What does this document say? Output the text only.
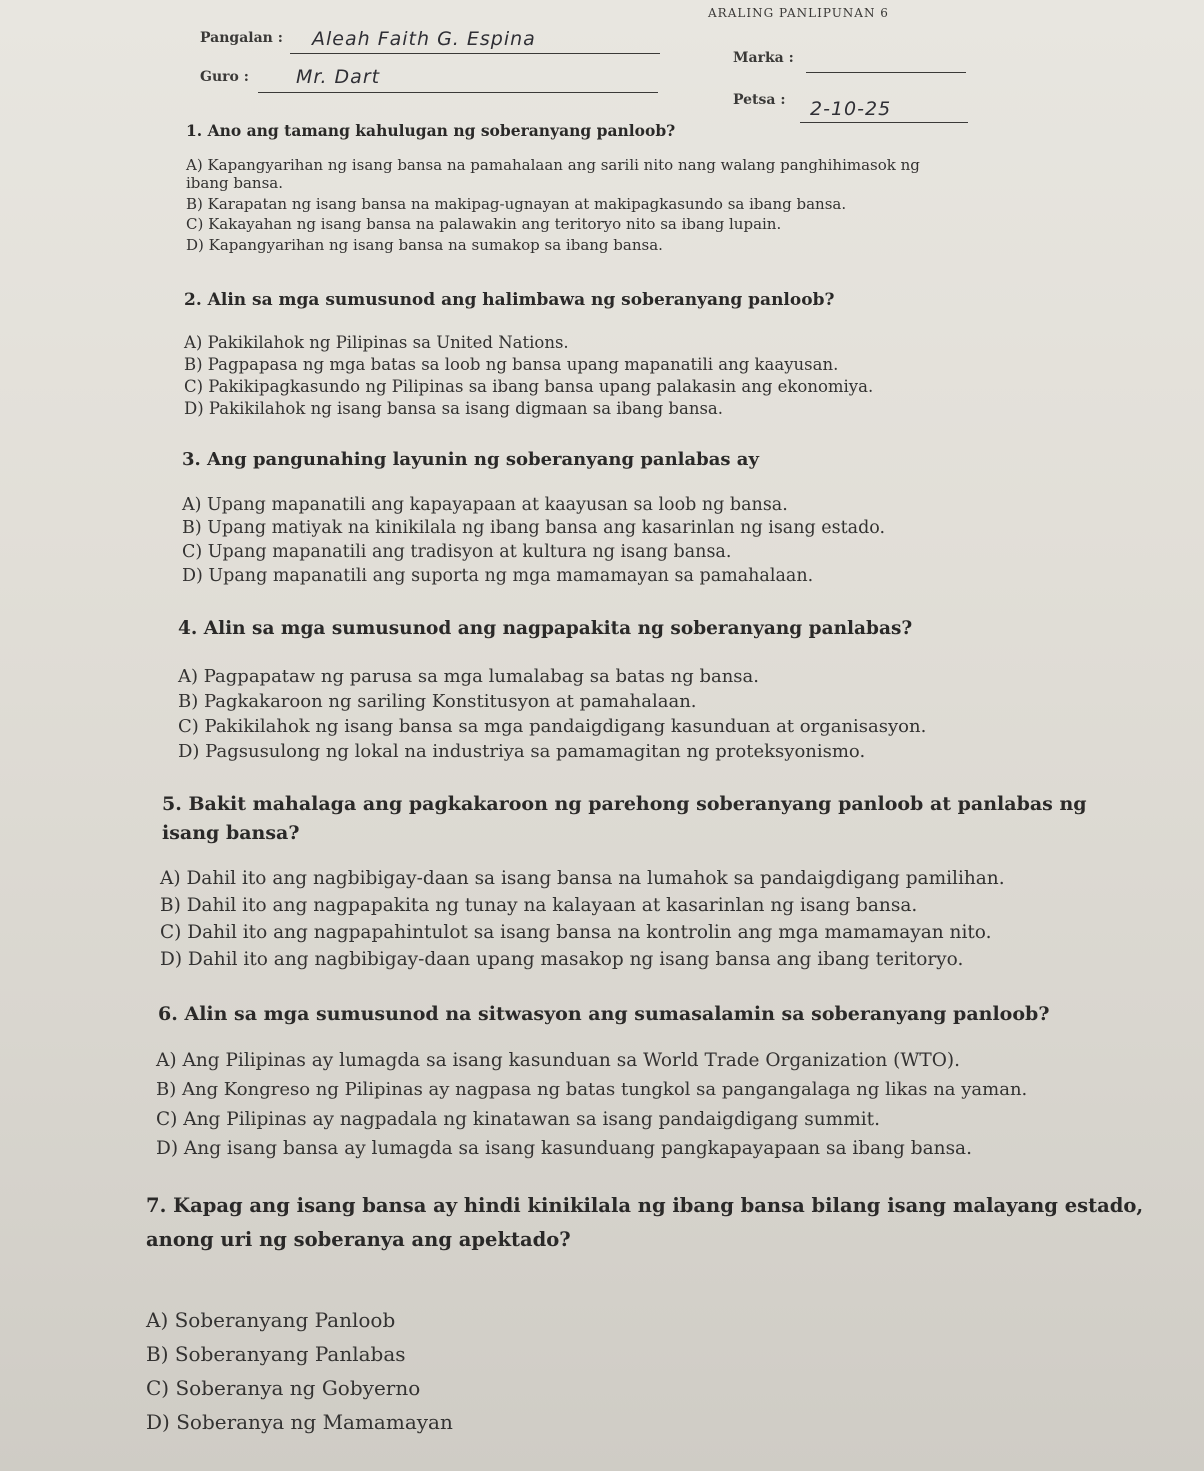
ARALING PANLIPUNAN 6
Pangalan : Aleah Faith G. Espina
Guro : Mr. Dart
Marka :
Petsa : 2-10-25
1. Ano ang tamang kahulugan ng soberanyang panloob?
A) Kapangyarihan ng isang bansa na pamahalaan ang sarili nito nang walang panghihimasok ng
ibang bansa.
B) Karapatan ng isang bansa na makipag-ugnayan at makipagkasundo sa ibang bansa.
C) Kakayahan ng isang bansa na palawakin ang teritoryo nito sa ibang lupain.
D) Kapangyarihan ng isang bansa na sumakop sa ibang bansa.
2. Alin sa mga sumusunod ang halimbawa ng soberanyang panloob?
A) Pakikilahok ng Pilipinas sa United Nations.
B) Pagpapasa ng mga batas sa loob ng bansa upang mapanatili ang kaayusan.
C) Pakikipagkasundo ng Pilipinas sa ibang bansa upang palakasin ang ekonomiya.
D) Pakikilahok ng isang bansa sa isang digmaan sa ibang bansa.
3. Ang pangunahing layunin ng soberanyang panlabas ay
A) Upang mapanatili ang kapayapaan at kaayusan sa loob ng bansa.
B) Upang matiyak na kinikilala ng ibang bansa ang kasarinlan ng isang estado.
C) Upang mapanatili ang tradisyon at kultura ng isang bansa.
D) Upang mapanatili ang suporta ng mga mamamayan sa pamahalaan.
4. Alin sa mga sumusunod ang nagpapakita ng soberanyang panlabas?
A) Pagpapataw ng parusa sa mga lumalabag sa batas ng bansa.
B) Pagkakaroon ng sariling Konstitusyon at pamahalaan.
C) Pakikilahok ng isang bansa sa mga pandaigdigang kasunduan at organisasyon.
D) Pagsusulong ng lokal na industriya sa pamamagitan ng proteksyonismo.
5. Bakit mahalaga ang pagkakaroon ng parehong soberanyang panloob at panlabas ng
isang bansa?
A) Dahil ito ang nagbibigay-daan sa isang bansa na lumahok sa pandaigdigang pamilihan.
B) Dahil ito ang nagpapakita ng tunay na kalayaan at kasarinlan ng isang bansa.
C) Dahil ito ang nagpapahintulot sa isang bansa na kontrolin ang mga mamamayan nito.
D) Dahil ito ang nagbibigay-daan upang masakop ng isang bansa ang ibang teritoryo.
6. Alin sa mga sumusunod na sitwasyon ang sumasalamin sa soberanyang panloob?
A) Ang Pilipinas ay lumagda sa isang kasunduan sa World Trade Organization (WTO).
B) Ang Kongreso ng Pilipinas ay nagpasa ng batas tungkol sa pangangalaga ng likas na yaman.
C) Ang Pilipinas ay nagpadala ng kinatawan sa isang pandaigdigang summit.
D) Ang isang bansa ay lumagda sa isang kasunduang pangkapayapaan sa ibang bansa.
7. Kapag ang isang bansa ay hindi kinikilala ng ibang bansa bilang isang malayang estado,
anong uri ng soberanya ang apektado?
A) Soberanyang Panloob
B) Soberanyang Panlabas
C) Soberanya ng Gobyerno
D) Soberanya ng Mamamayan
